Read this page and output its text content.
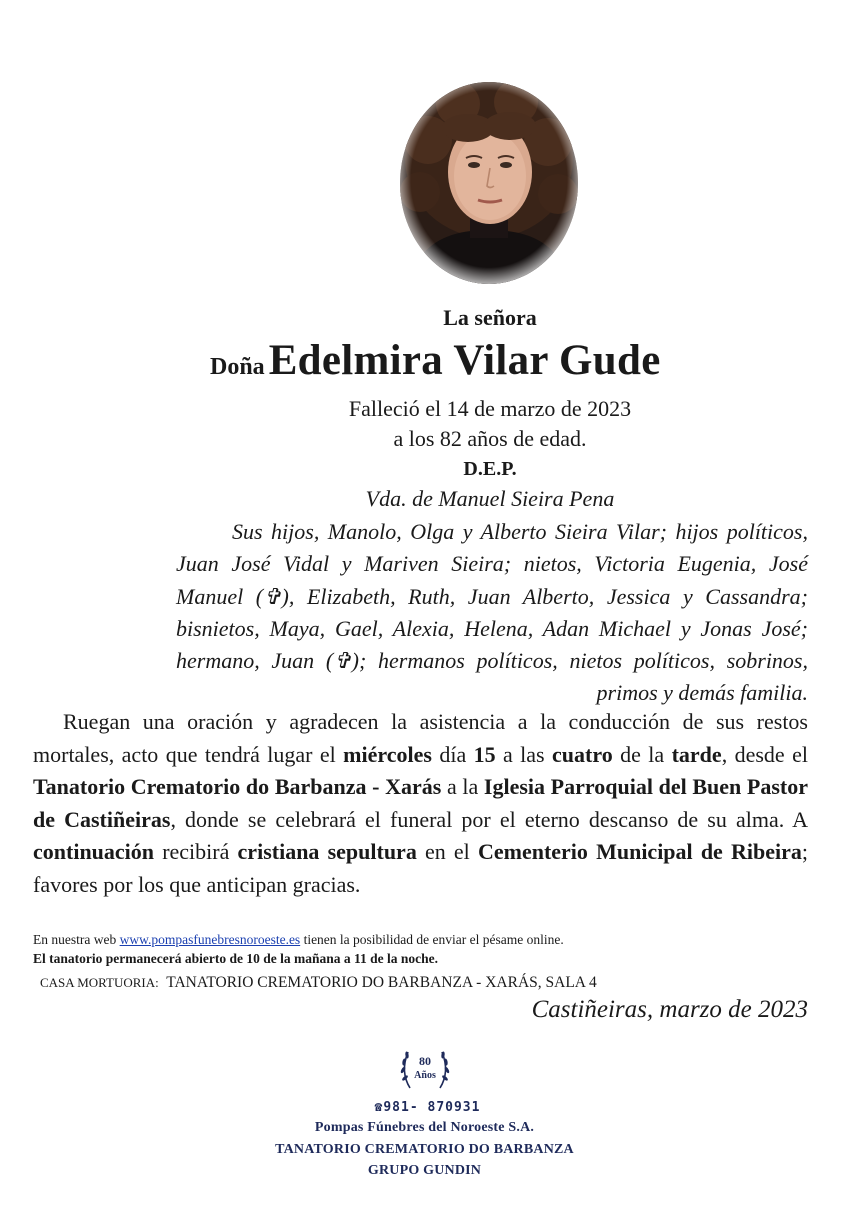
La señora
Doña Edelmira Vilar Gude
Falleció el 14 de marzo de 2023
a los 82 años de edad.
D.E.P.
Vda. de Manuel Sieira Pena
Sus hijos, Manolo, Olga y Alberto Sieira Vilar; hijos políticos, Juan José Vidal y Mariven Sieira; nietos, Victoria Eugenia, José Manuel (✞), Elizabeth, Ruth, Juan Alberto, Jessica y Cassandra; bisnietos, Maya, Gael, Alexia, Helena, Adan Michael y Jonas José; hermano, Juan (✞); hermanos políticos, nietos políticos, sobrinos, primos y demás familia.
Ruegan una oración y agradecen la asistencia a la conducción de sus restos mortales, acto que tendrá lugar el miércoles día 15 a las cuatro de la tarde, desde el Tanatorio Crematorio do Barbanza - Xarás a la Iglesia Parroquial del Buen Pastor de Castiñeiras, donde se celebrará el funeral por el eterno descanso de su alma. A continuación recibirá cristiana sepultura en el Cementerio Municipal de Ribeira; favores por los que anticipan gracias.
En nuestra web www.pompasfunebresnoroeste.es tienen la posibilidad de enviar el pésame online.
El tanatorio permanecerá abierto de 10 de la mañana a 11 de la noche.
CASA MORTUORIA: TANATORIO CREMATORIO DO BARBANZA - XARÁS, SALA 4
Castiñeiras, marzo de 2023
80
Años
☎981- 870931
Pompas Fúnebres del Noroeste S.A.
TANATORIO CREMATORIO DO BARBANZA
GRUPO GUNDIN
